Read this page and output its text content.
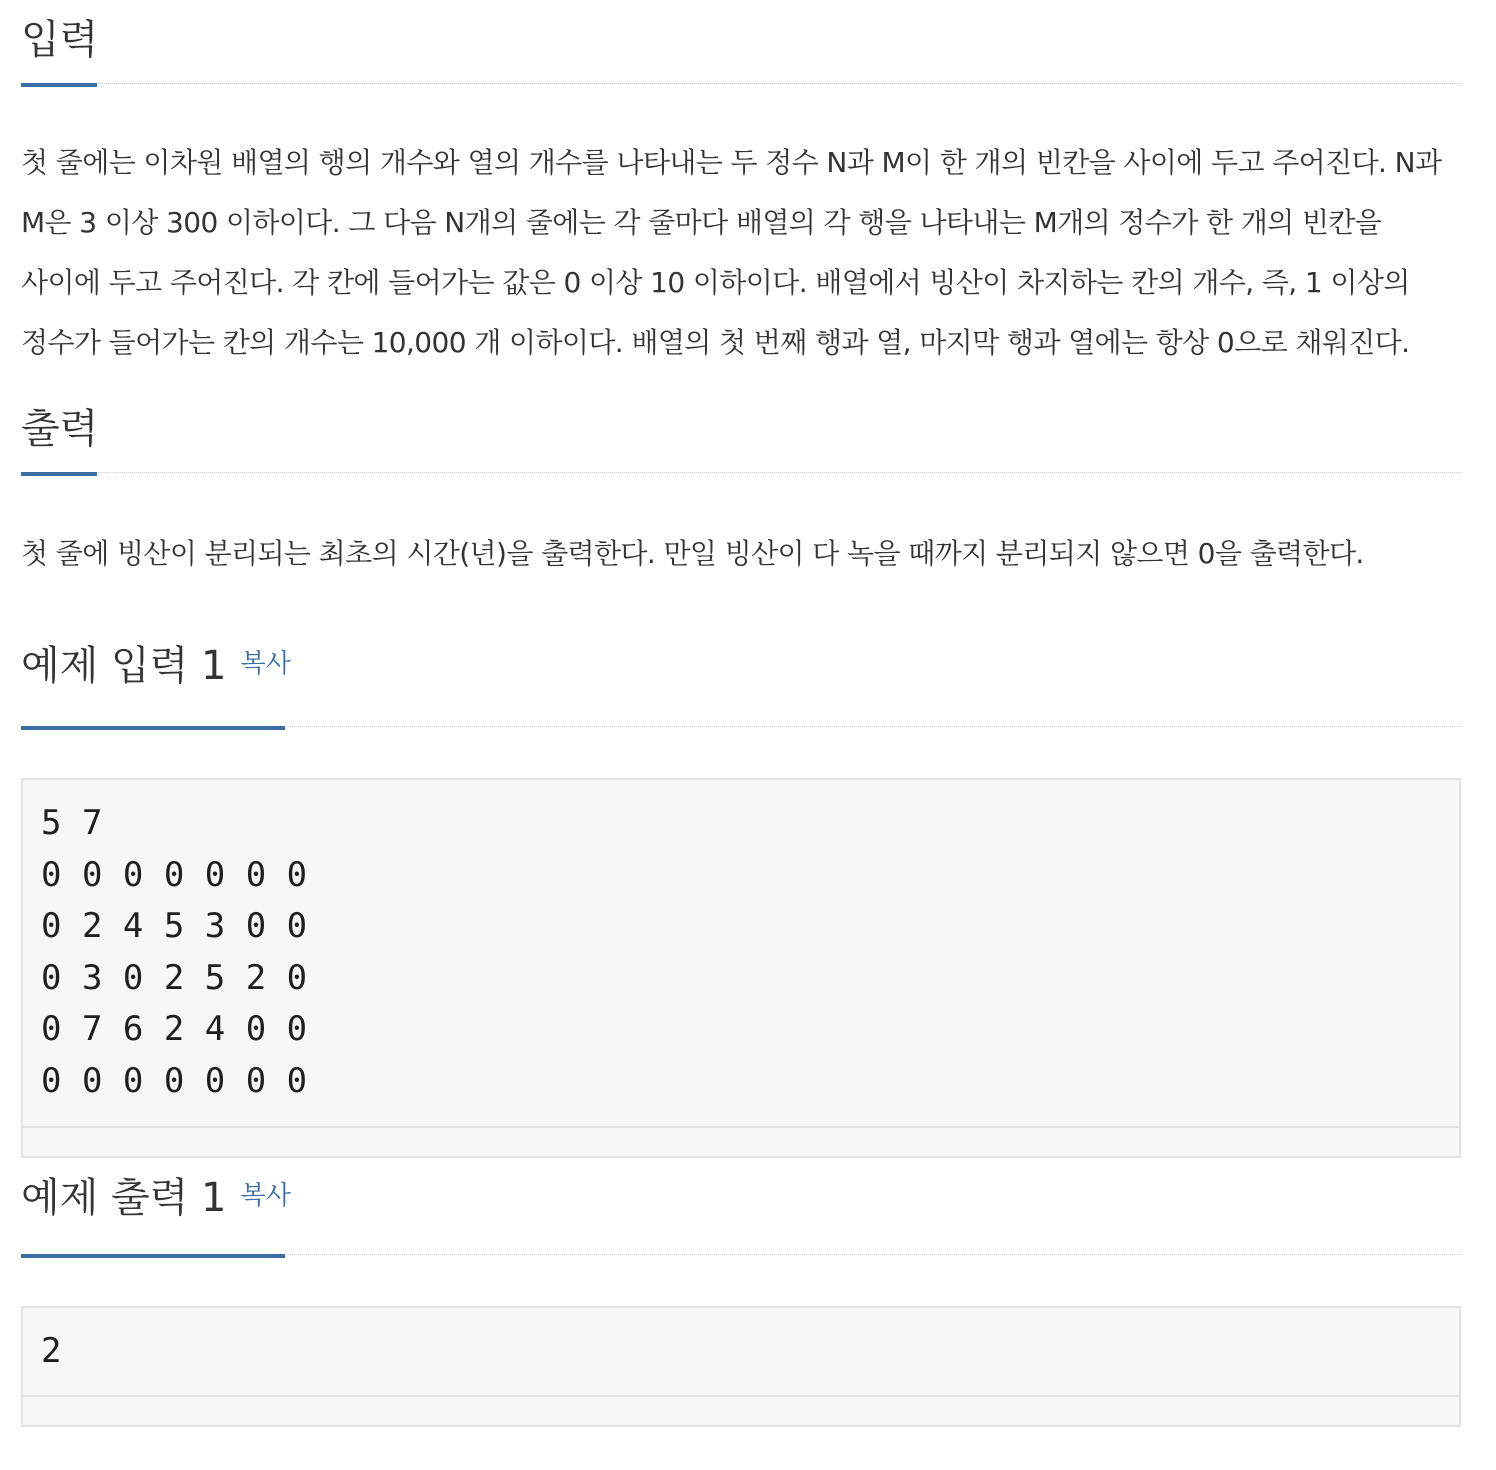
입력

첫 줄에는 이차원 배열의 행의 개수와 열의 개수를 나타내는 두 정수 N과 M이 한 개의 빈칸을 사이에 두고 주어진다. N과 M은 3 이상 300 이하이다. 그 다음 N개의 줄에는 각 줄마다 배열의 각 행을 나타내는 M개의 정수가 한 개의 빈칸을 사이에 두고 주어진다. 각 칸에 들어가는 값은 0 이상 10 이하이다. 배열에서 빙산이 차지하는 칸의 개수, 즉, 1 이상의 정수가 들어가는 칸의 개수는 10,000 개 이하이다. 배열의 첫 번째 행과 열, 마지막 행과 열에는 항상 0으로 채워진다.

출력

첫 줄에 빙산이 분리되는 최초의 시간(년)을 출력한다. 만일 빙산이 다 녹을 때까지 분리되지 않으면 0을 출력한다.

예제 입력 1 복사
5 7
0 0 0 0 0 0 0
0 2 4 5 3 0 0
0 3 0 2 5 2 0
0 7 6 2 4 0 0
0 0 0 0 0 0 0
예제 출력 1 복사
2
